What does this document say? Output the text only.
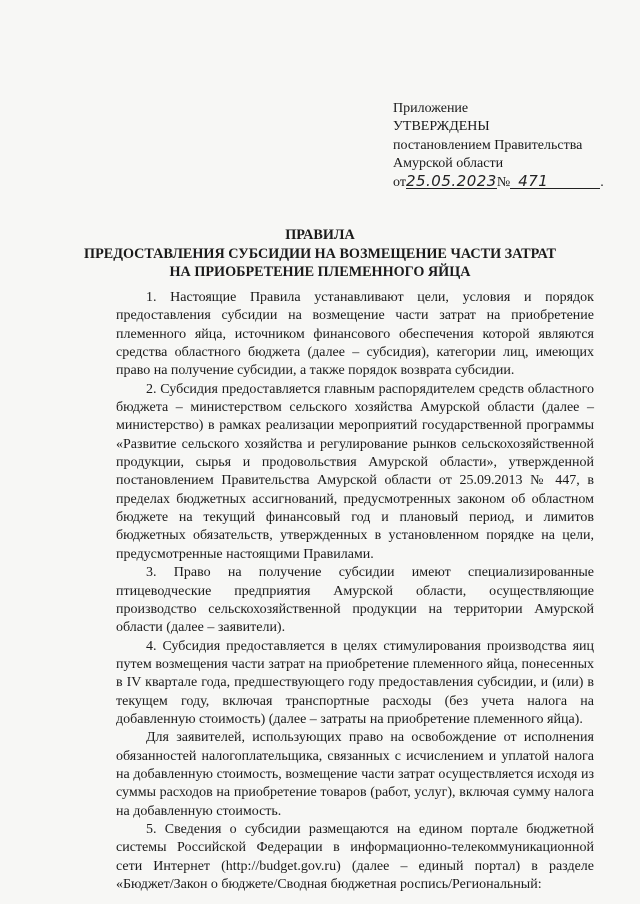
Приложение
УТВЕРЖДЕНЫ
постановлением Правительства
Амурской области
от25.05.2023№ 471	.
ПРАВИЛА
ПРЕДОСТАВЛЕНИЯ СУБСИДИИ НА ВОЗМЕЩЕНИЕ ЧАСТИ ЗАТРАТ
НА ПРИОБРЕТЕНИЕ ПЛЕМЕННОГО ЯЙЦА

1. Настоящие Правила устанавливают цели, условия и порядок предоставления субсидии на возмещение части затрат на приобретение племенного яйца, источником финансового обеспечения которой являются средства областного бюджета (далее – субсидия), категории лиц, имеющих право на получение субсидии, а также порядок возврата субсидии.

2. Субсидия предоставляется главным распорядителем средств областного бюджета – министерством сельского хозяйства Амурской области (далее – министерство) в рамках реализации мероприятий государственной программы «Развитие сельского хозяйства и регулирование рынков сельскохозяйственной продукции, сырья и продовольствия Амурской области», утвержденной постановлением Правительства Амурской области от 25.09.2013 № 447, в пределах бюджетных ассигнований, предусмотренных законом об областном бюджете на текущий финансовый год и плановый период, и лимитов бюджетных обязательств, утвержденных в установленном порядке на цели, предусмотренные настоящими Правилами.

3. Право на получение субсидии имеют специализированные птицеводческие предприятия Амурской области, осуществляющие производство сельскохозяйственной продукции на территории Амурской области (далее – заявители).

4. Субсидия предоставляется в целях стимулирования производства яиц путем возмещения части затрат на приобретение племенного яйца, понесенных в IV квартале года, предшествующего году предоставления субсидии, и (или) в текущем году, включая транспортные расходы (без учета налога на добавленную стоимость) (далее – затраты на приобретение племенного яйца).

Для заявителей, использующих право на освобождение от исполнения обязанностей налогоплательщика, связанных с исчислением и уплатой налога на добавленную стоимость, возмещение части затрат осуществляется исходя из суммы расходов на приобретение товаров (работ, услуг), включая сумму налога на добавленную стоимость.

5. Сведения о субсидии размещаются на едином портале бюджетной системы Российской Федерации в информационно-телекоммуникационной сети Интернет (http://budget.gov.ru) (далее – единый портал) в разделе «Бюджет/Закон о бюджете/Сводная бюджетная роспись/Региональный:
